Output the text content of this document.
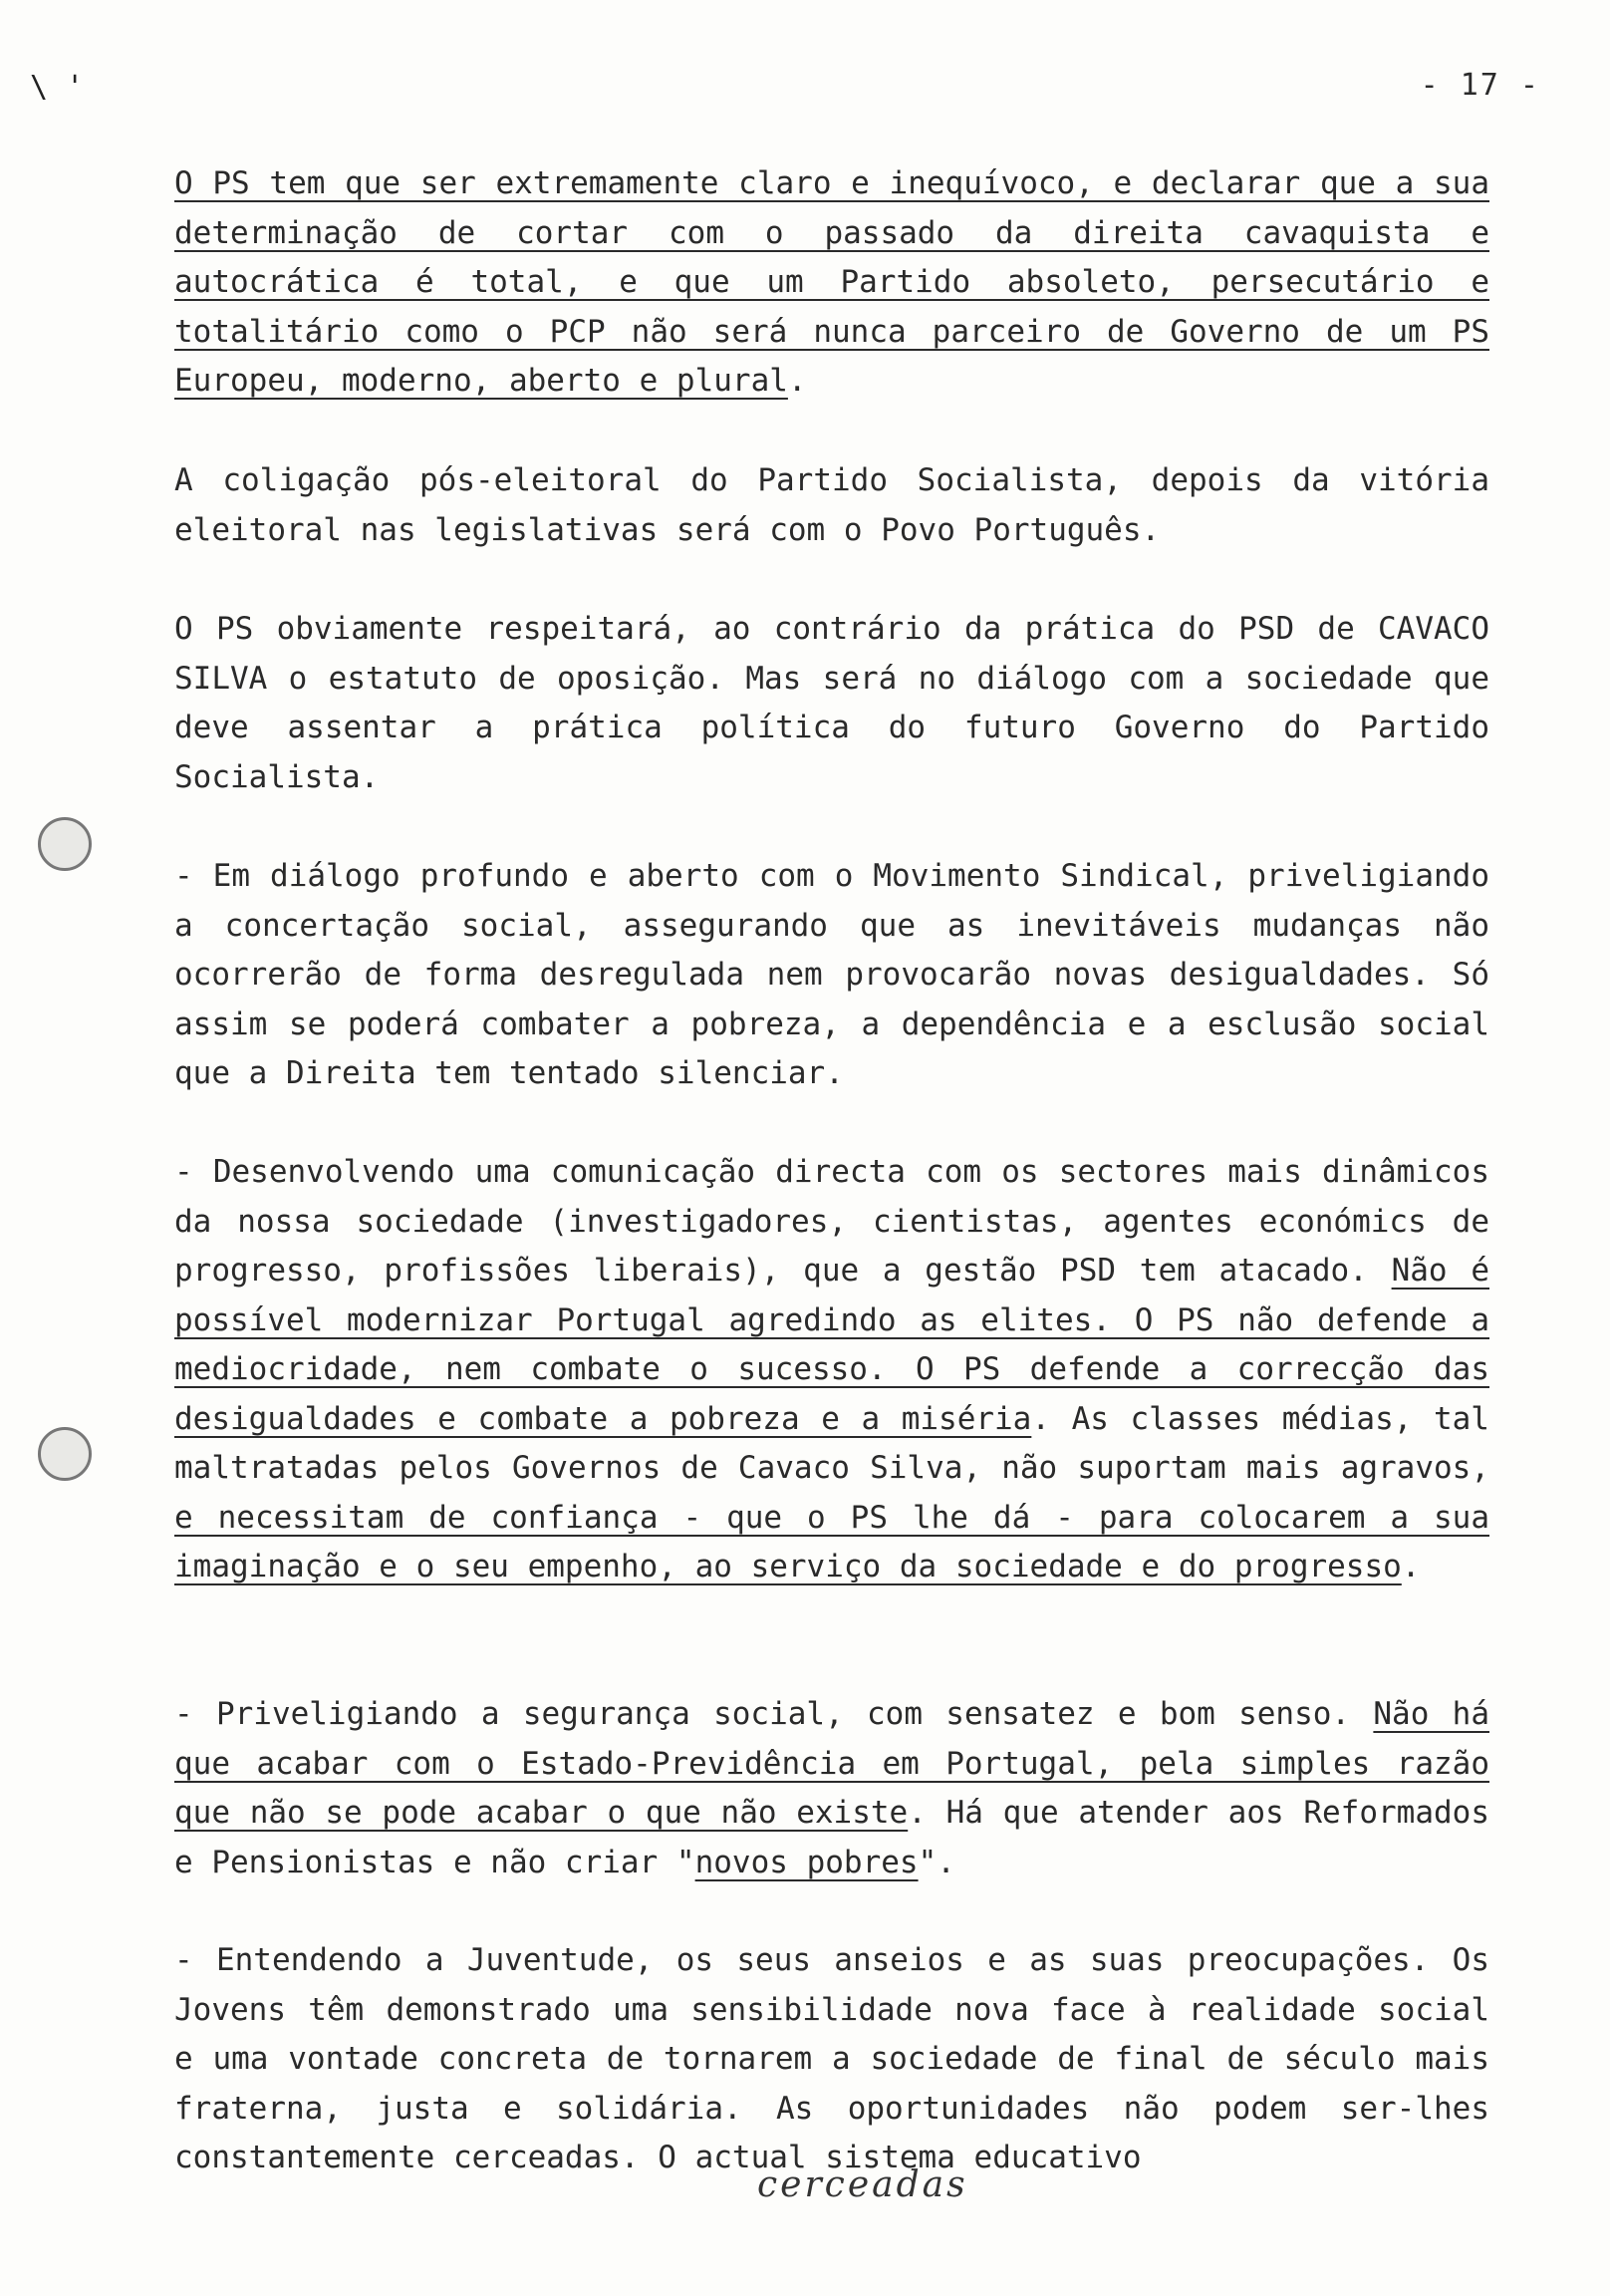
\ '	- 17 -

O PS tem que ser extremamente claro e inequívoco, e declarar que a sua determinação de cortar com o passado da direita cavaquista e autocrática é total, e que um Partido absoleto, persecutário e totalitário como o PCP não será nunca parceiro de Governo de um PS Europeu, moderno, aberto e plural.

A coligação pós-eleitoral do Partido Socialista, depois da vitória eleitoral nas legislativas será com o Povo Português.

O PS obviamente respeitará, ao contrário da prática do PSD de CAVACO SILVA o estatuto de oposição. Mas será no diálogo com a sociedade que deve assentar a prática política do futuro Governo do Partido Socialista.

- Em diálogo profundo e aberto com o Movimento Sindical, priveligiando a concertação social, assegurando que as inevitáveis mudanças não ocorrerão de forma desregulada nem provocarão novas desigualdades. Só assim se poderá combater a pobreza, a dependência e a esclusão social que a Direita tem tentado silenciar.

- Desenvolvendo uma comunicação directa com os sectores mais dinâmicos da nossa sociedade (investigadores, cientistas, agentes económics de progresso, profissões liberais), que a gestão PSD tem atacado. Não é possível modernizar Portugal agredindo as elites. O PS não defende a mediocridade, nem combate o sucesso. O PS defende a correcção das desigualdades e combate a pobreza e a miséria. As classes médias, tal maltratadas pelos Governos de Cavaco Silva, não suportam mais agravos, e necessitam de confiança - que o PS lhe dá - para colocarem a sua imaginação e o seu empenho, ao serviço da sociedade e do progresso.

- Priveligiando a segurança social, com sensatez e bom senso. Não há que acabar com o Estado-Previdência em Portugal, pela simples razão que não se pode acabar o que não existe. Há que atender aos Reformados e Pensionistas e não criar "novos pobres".

- Entendendo a Juventude, os seus anseios e as suas preocupações. Os Jovens têm demonstrado uma sensibilidade nova face à realidade social e uma vontade concreta de tornarem a sociedade de final de século mais fraterna, justa e solidária. As oportunidades não podem ser-lhes constantemente cerceadas. O actual sistema educativo

cerceadas
